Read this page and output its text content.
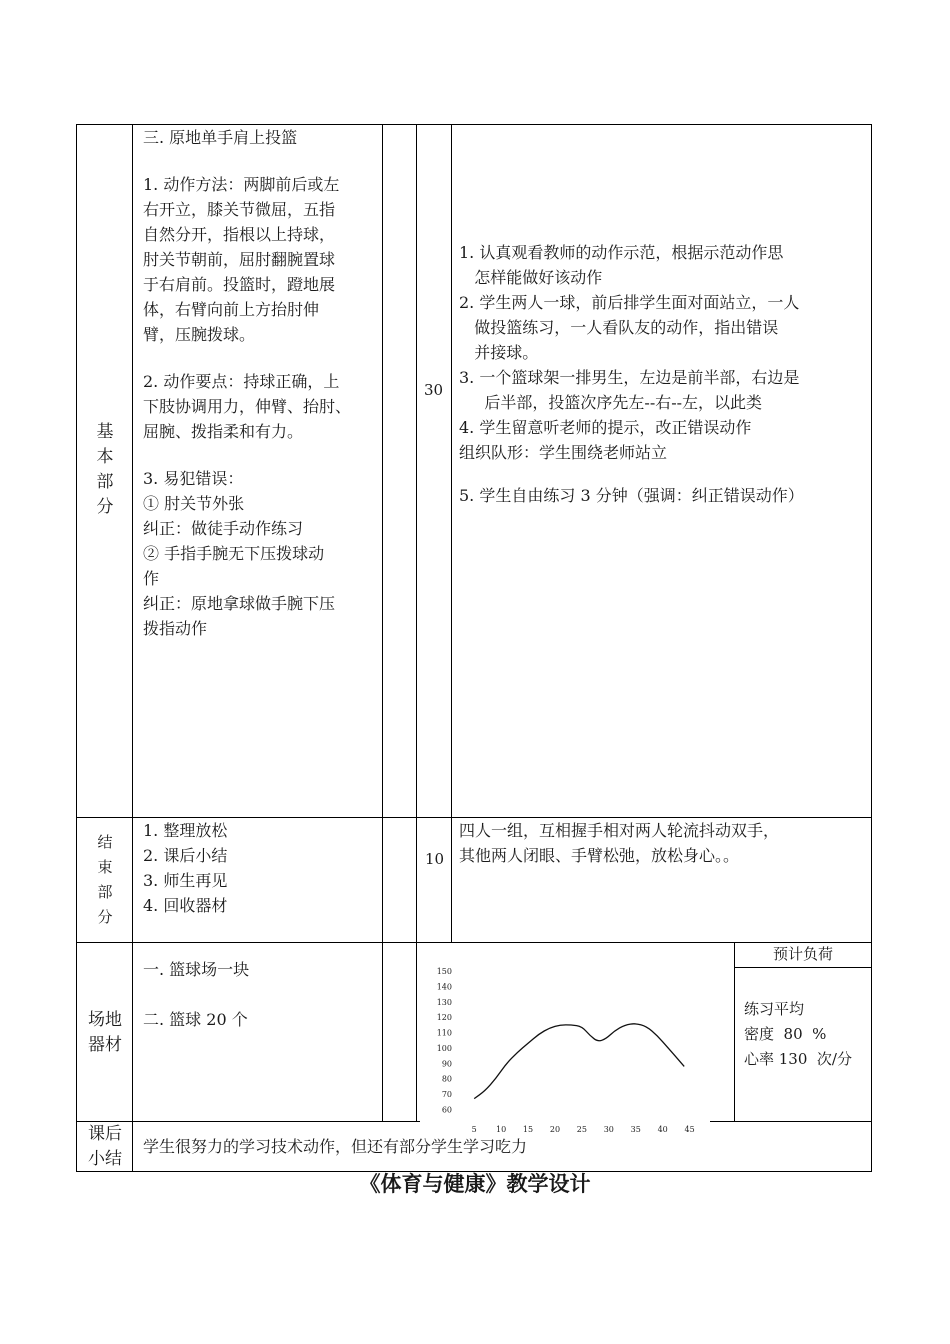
基
本
部
分
三. 原地单手肩上投篮
1. 动作方法：两脚前后或左
右开立，膝关节微屈，五指
自然分开，指根以上持球，
肘关节朝前，屈肘翻腕置球
于右肩前。投篮时，蹬地展
体，右臂向前上方抬肘伸
臂，压腕拨球。
2. 动作要点：持球正确，上
下肢协调用力，伸臂、抬肘、
屈腕、拨指柔和有力。
3. 易犯错误：
① 肘关节外张
纠正：做徒手动作练习
② 手指手腕无下压拨球动
作
纠正：原地拿球做手腕下压
拨指动作
30
1. 认真观看教师的动作示范，根据示范动作思
怎样能做好该动作
2. 学生两人一球，前后排学生面对面站立，一人
做投篮练习，一人看队友的动作，指出错误
并接球。
3. 一个篮球架一排男生，左边是前半部，右边是
后半部，投篮次序先左--右--左，以此类
4. 学生留意听老师的提示，改正错误动作
组织队形：学生围绕老师站立
5. 学生自由练习 3 分钟（强调：纠正错误动作）
结
束
部
分
1. 整理放松
2. 课后小结
3. 师生再见
4. 回收器材
10
四人一组，互相握手相对两人轮流抖动双手，
其他两人闭眼、手臂松弛，放松身心。。
场地
器材
一. 篮球场一块
二. 篮球 20 个
150
140
130
120
110
100
90
80
70
60
5 10 15 20 25 30 35 40 45
预计负荷
练习平均
密度  80  %
心率 130  次/分
课后
小结
学生很努力的学习技术动作，但还有部分学生学习吃力
《体育与健康》教学设计
